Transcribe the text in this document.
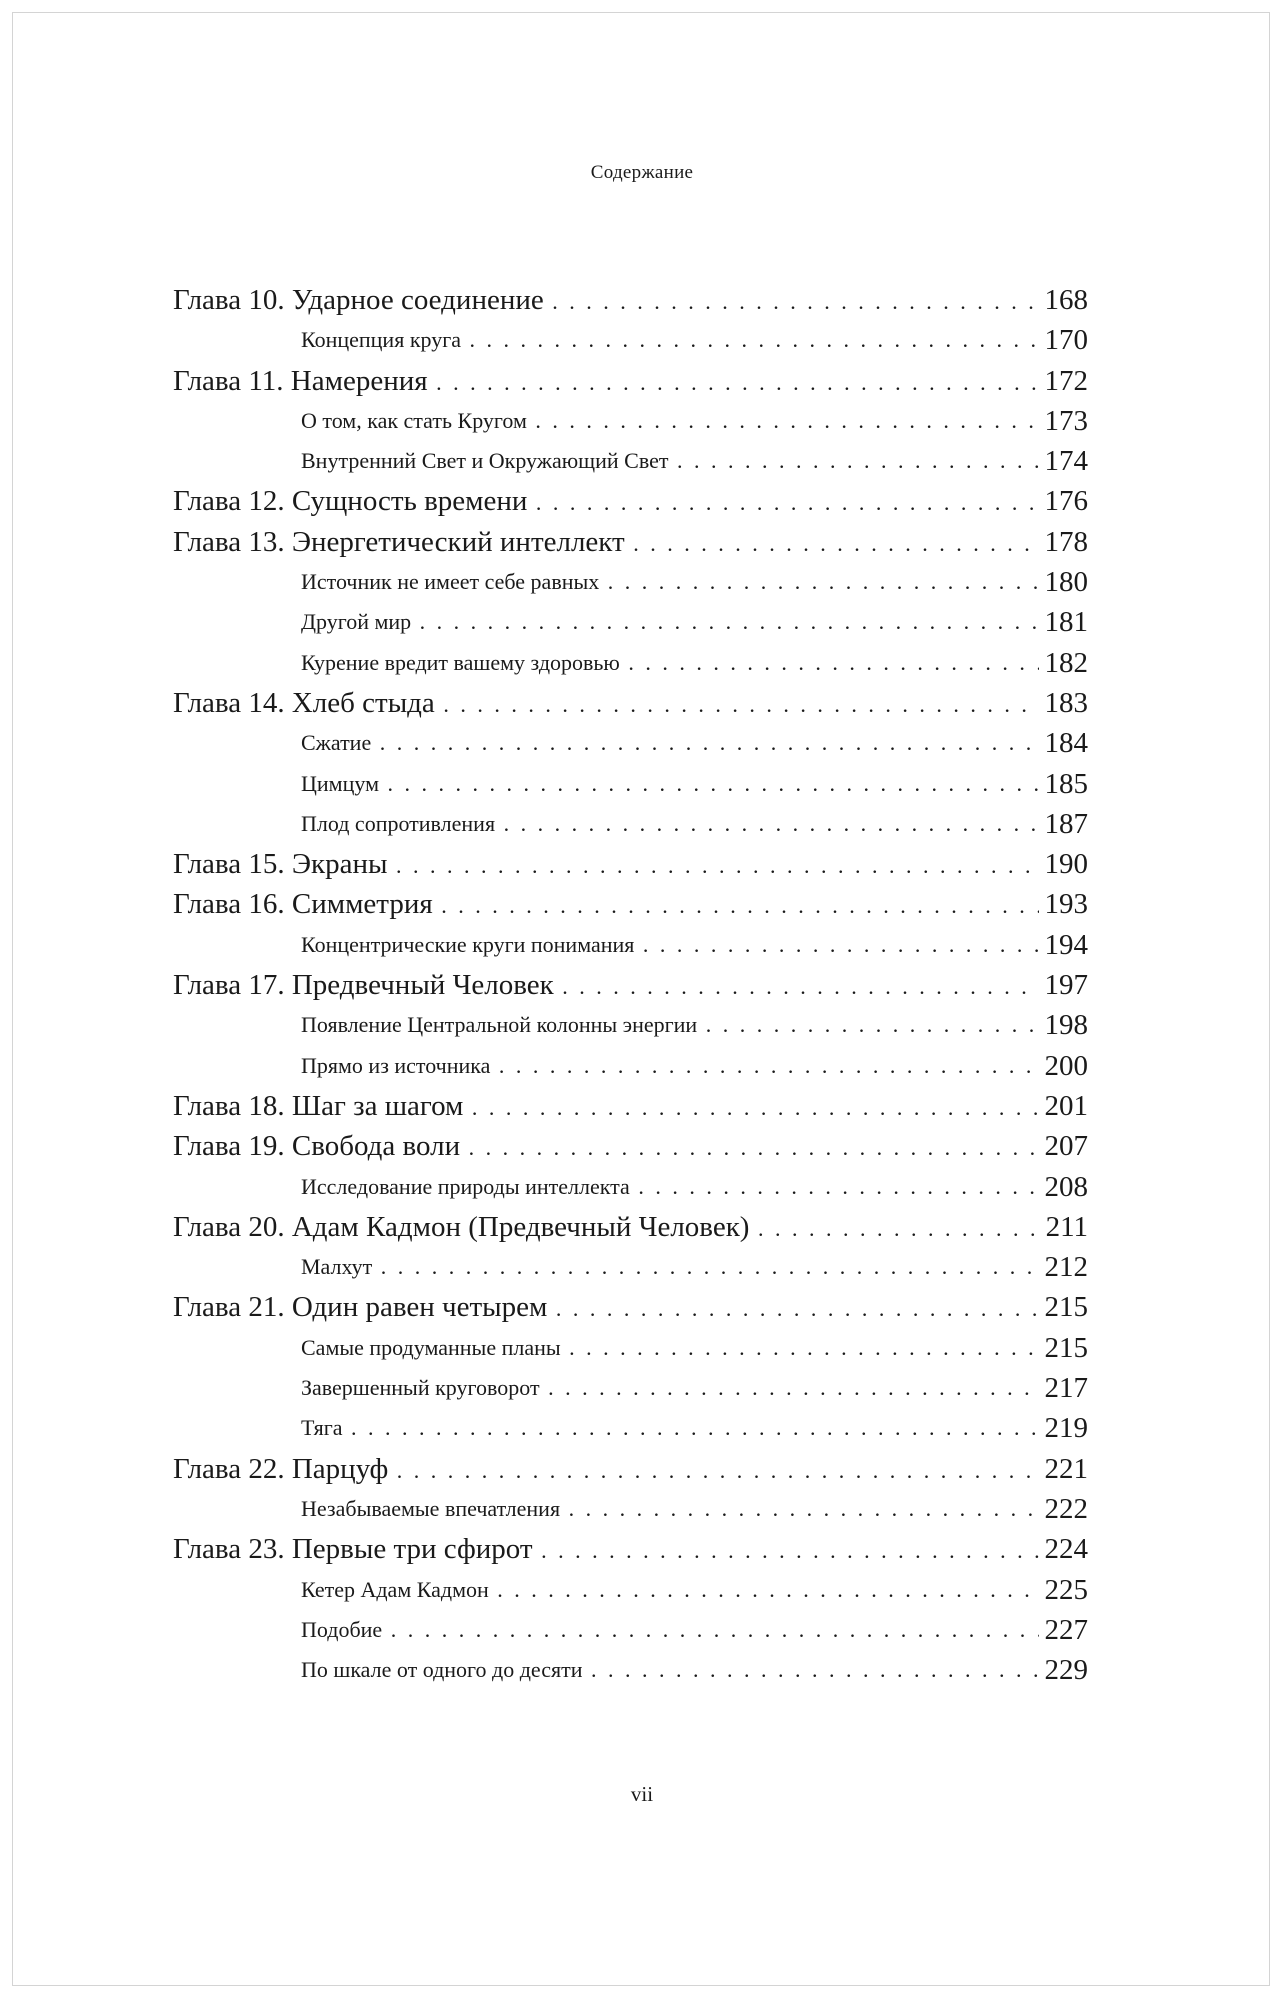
Содержание
Глава 10. Ударное соединение . . .	168
Концепция круга . . .	170
Глава 11. Намерения . . .	172
О том, как стать Кругом . . .	173
Внутренний Свет и Окружающий Свет . . .	174
Глава 12. Сущность времени . . .	176
Глава 13. Энергетический интеллект . . .	178
Источник не имеет себе равных . . .	180
Другой мир . . .	181
Курение вредит вашему здоровью . . .	182
Глава 14. Хлеб стыда . . .	183
Сжатие . . .	184
Цимцум . . .	185
Плод сопротивления . . .	187
Глава 15. Экраны . . .	190
Глава 16. Симметрия . . .	193
Концентрические круги понимания . . .	194
Глава 17. Предвечный Человек . . .	197
Появление Центральной колонны энергии . . .	198
Прямо из источника . . .	200
Глава 18. Шаг за шагом . . .	201
Глава 19. Свобода воли . . .	207
Исследование природы интеллекта . . .	208
Глава 20. Адам Кадмон (Предвечный Человек) . . .	211
Малхут . . .	212
Глава 21. Один равен четырем . . .	215
Самые продуманные планы . . .	215
Завершенный круговорот . . .	217
Тяга . . .	219
Глава 22. Парцуф . . .	221
Незабываемые впечатления . . .	222
Глава 23. Первые три сфирот . . .	224
Кетер Адам Кадмон . . .	225
Подобие . . .	227
По шкале от одного до десяти . . .	229
vii
